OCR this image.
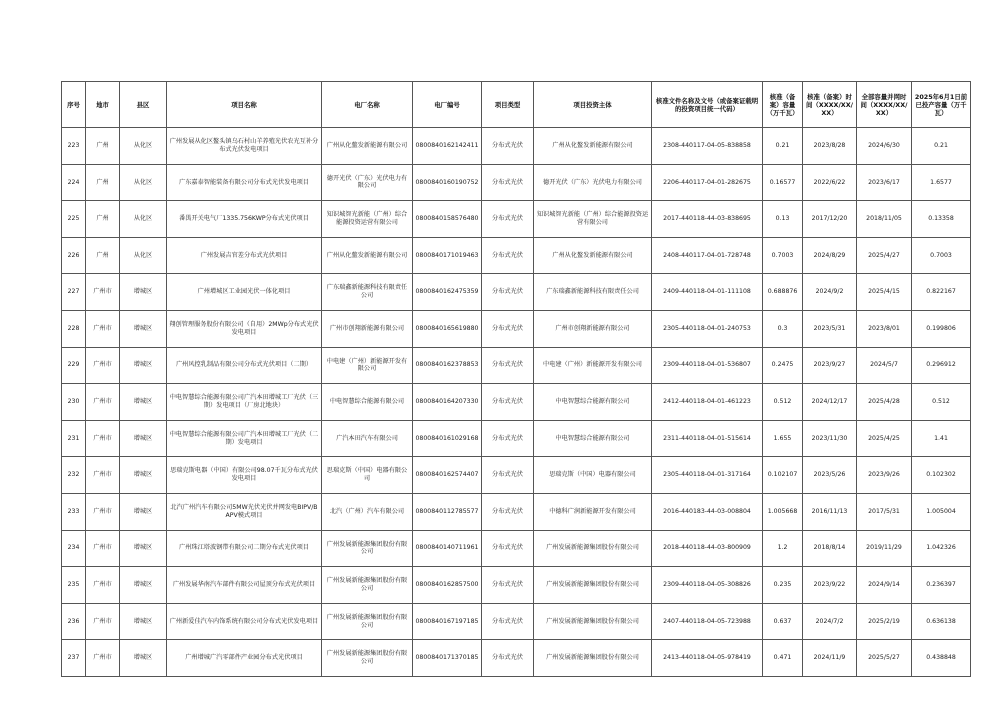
序号	地市	县区	项目名称	电厂名称	电厂编号	项目类型	项目投资主体	核准文件名称及文号（或备案证载明的投资项目统一代码）	核准（备案）容量（万千瓦）	核准（备案）时间（XXXX/XX/XX）	全部容量并网时间（XXXX/XX/XX）	2025年6月1日前已投产容量（万千瓦）
223	广州	从化区	广州发展从化区鳌头镇乌石村山羊养殖光伏农光互补分布式光伏发电项目	广州从化鳌发新能源有限公司	0800840162142411	分布式光伏	广州从化鳌发新能源有限公司	2308-440117-04-05-838858	0.21	2023/8/28	2024/6/30	0.21
224	广州	从化区	广东嘉泰智能装备有限公司分布式光伏发电项目	德开光伏（广东）光伏电力有限公司	0800840160190752	分布式光伏	德开光伏（广东）光伏电力有限公司	2206-440117-04-01-282675	0.16577	2022/6/22	2023/6/17	1.6577
225	广州	从化区	番禺开关电气厂1335.756KWP分布式光伏项目	知识城智光新能（广州）综合能源投资运营有限公司	0800840158576480	分布式光伏	知识城智光新能（广州）综合能源投资运营有限公司	2017-440118-44-03-838695	0.13	2017/12/20	2018/11/05	0.13358
226	广州	从化区	广州发展吉官差分布式光伏项目	广州从化鳌发新能源有限公司	0800840171019463	分布式光伏	广州从化鳌发新能源有限公司	2408-440117-04-01-728748	0.7003	2024/8/29	2025/4/27	0.7003
227	广州市	增城区	广州增城区工业园光伏一体化项目	广东瑞鑫新能源科技有限责任公司	0800840162475359	分布式光伏	广东瑞鑫新能源科技有限责任公司	2409-440118-04-01-111108	0.688876	2024/9/2	2025/4/15	0.822167
228	广州市	增城区	翔创管理服务股份有限公司（自用）2MWp分布式光伏发电项目	广州市创翔新能源有限公司	0800840165619880	分布式光伏	广州市创翔新能源有限公司	2305-440118-04-01-240753	0.3	2023/5/31	2023/8/01	0.199806
229	广州市	增城区	广州风控乳制品有限公司分布式光伏项目（二期）	中电建（广州）新能源开发有限公司	0800840162378853	分布式光伏	中电建（广州）新能源开发有限公司	2309-440118-04-01-536807	0.2475	2023/9/27	2024/5/7	0.296912
230	广州市	增城区	中电智慧综合能源有限公司广汽本田增城工厂光伏（三期）发电项目（厂房北地块）	中电智慧综合能源有限公司	0800840164207330	分布式光伏	中电智慧综合能源有限公司	2412-440118-04-01-461223	0.512	2024/12/17	2025/4/28	0.512
231	广州市	增城区	中电智慧综合能源有限公司广汽本田增城工厂光伏（二期）发电项目	广汽本田汽车有限公司	0800840161029168	分布式光伏	中电智慧综合能源有限公司	2311-440118-04-01-515614	1.655	2023/11/30	2025/4/25	1.41
232	广州市	增城区	思瑞克斯电器（中国）有限公司98.07千瓦分布式光伏发电项目	思瑞克斯（中国）电器有限公司	0800840162574407	分布式光伏	思瑞克斯（中国）电器有限公司	2305-440118-04-01-317164	0.102107	2023/5/26	2023/9/26	0.102302
233	广州市	增城区	北汽广州汽车有限公司5MW光伏光伏并网发电BIPV/BAPV模式项目	北汽（广州）汽车有限公司	0800840112785577	分布式光伏	中德科广润新能源开发有限公司	2016-440183-44-03-008804	1.005668	2016/11/13	2017/5/31	1.005004
234	广州市	增城区	广州珠江塔波钢带有限公司二期分布式光伏项目	广州发展新能源集团股份有限公司	0800840140711961	分布式光伏	广州发展新能源集团股份有限公司	2018-440118-44-03-800909	1.2	2018/8/14	2019/11/29	1.042326
235	广州市	增城区	广州发展华南汽车部件有限公司屋顶分布式光伏项目	广州发展新能源集团股份有限公司	0800840162857500	分布式光伏	广州发展新能源集团股份有限公司	2309-440118-04-05-308826	0.235	2023/9/22	2024/9/14	0.236397
236	广州市	增城区	广州新爱佳汽车内饰系统有限公司分布式光伏发电项目	广州发展新能源集团股份有限公司	0800840167197185	分布式光伏	广州发展新能源集团股份有限公司	2407-440118-04-05-723988	0.637	2024/7/2	2025/2/19	0.636138
237	广州市	增城区	广州增城广汽零部件产业园分布式光伏项目	广州发展新能源集团股份有限公司	0800840171370185	分布式光伏	广州发展新能源集团股份有限公司	2413-440118-04-05-978419	0.471	2024/11/9	2025/5/27	0.438848
